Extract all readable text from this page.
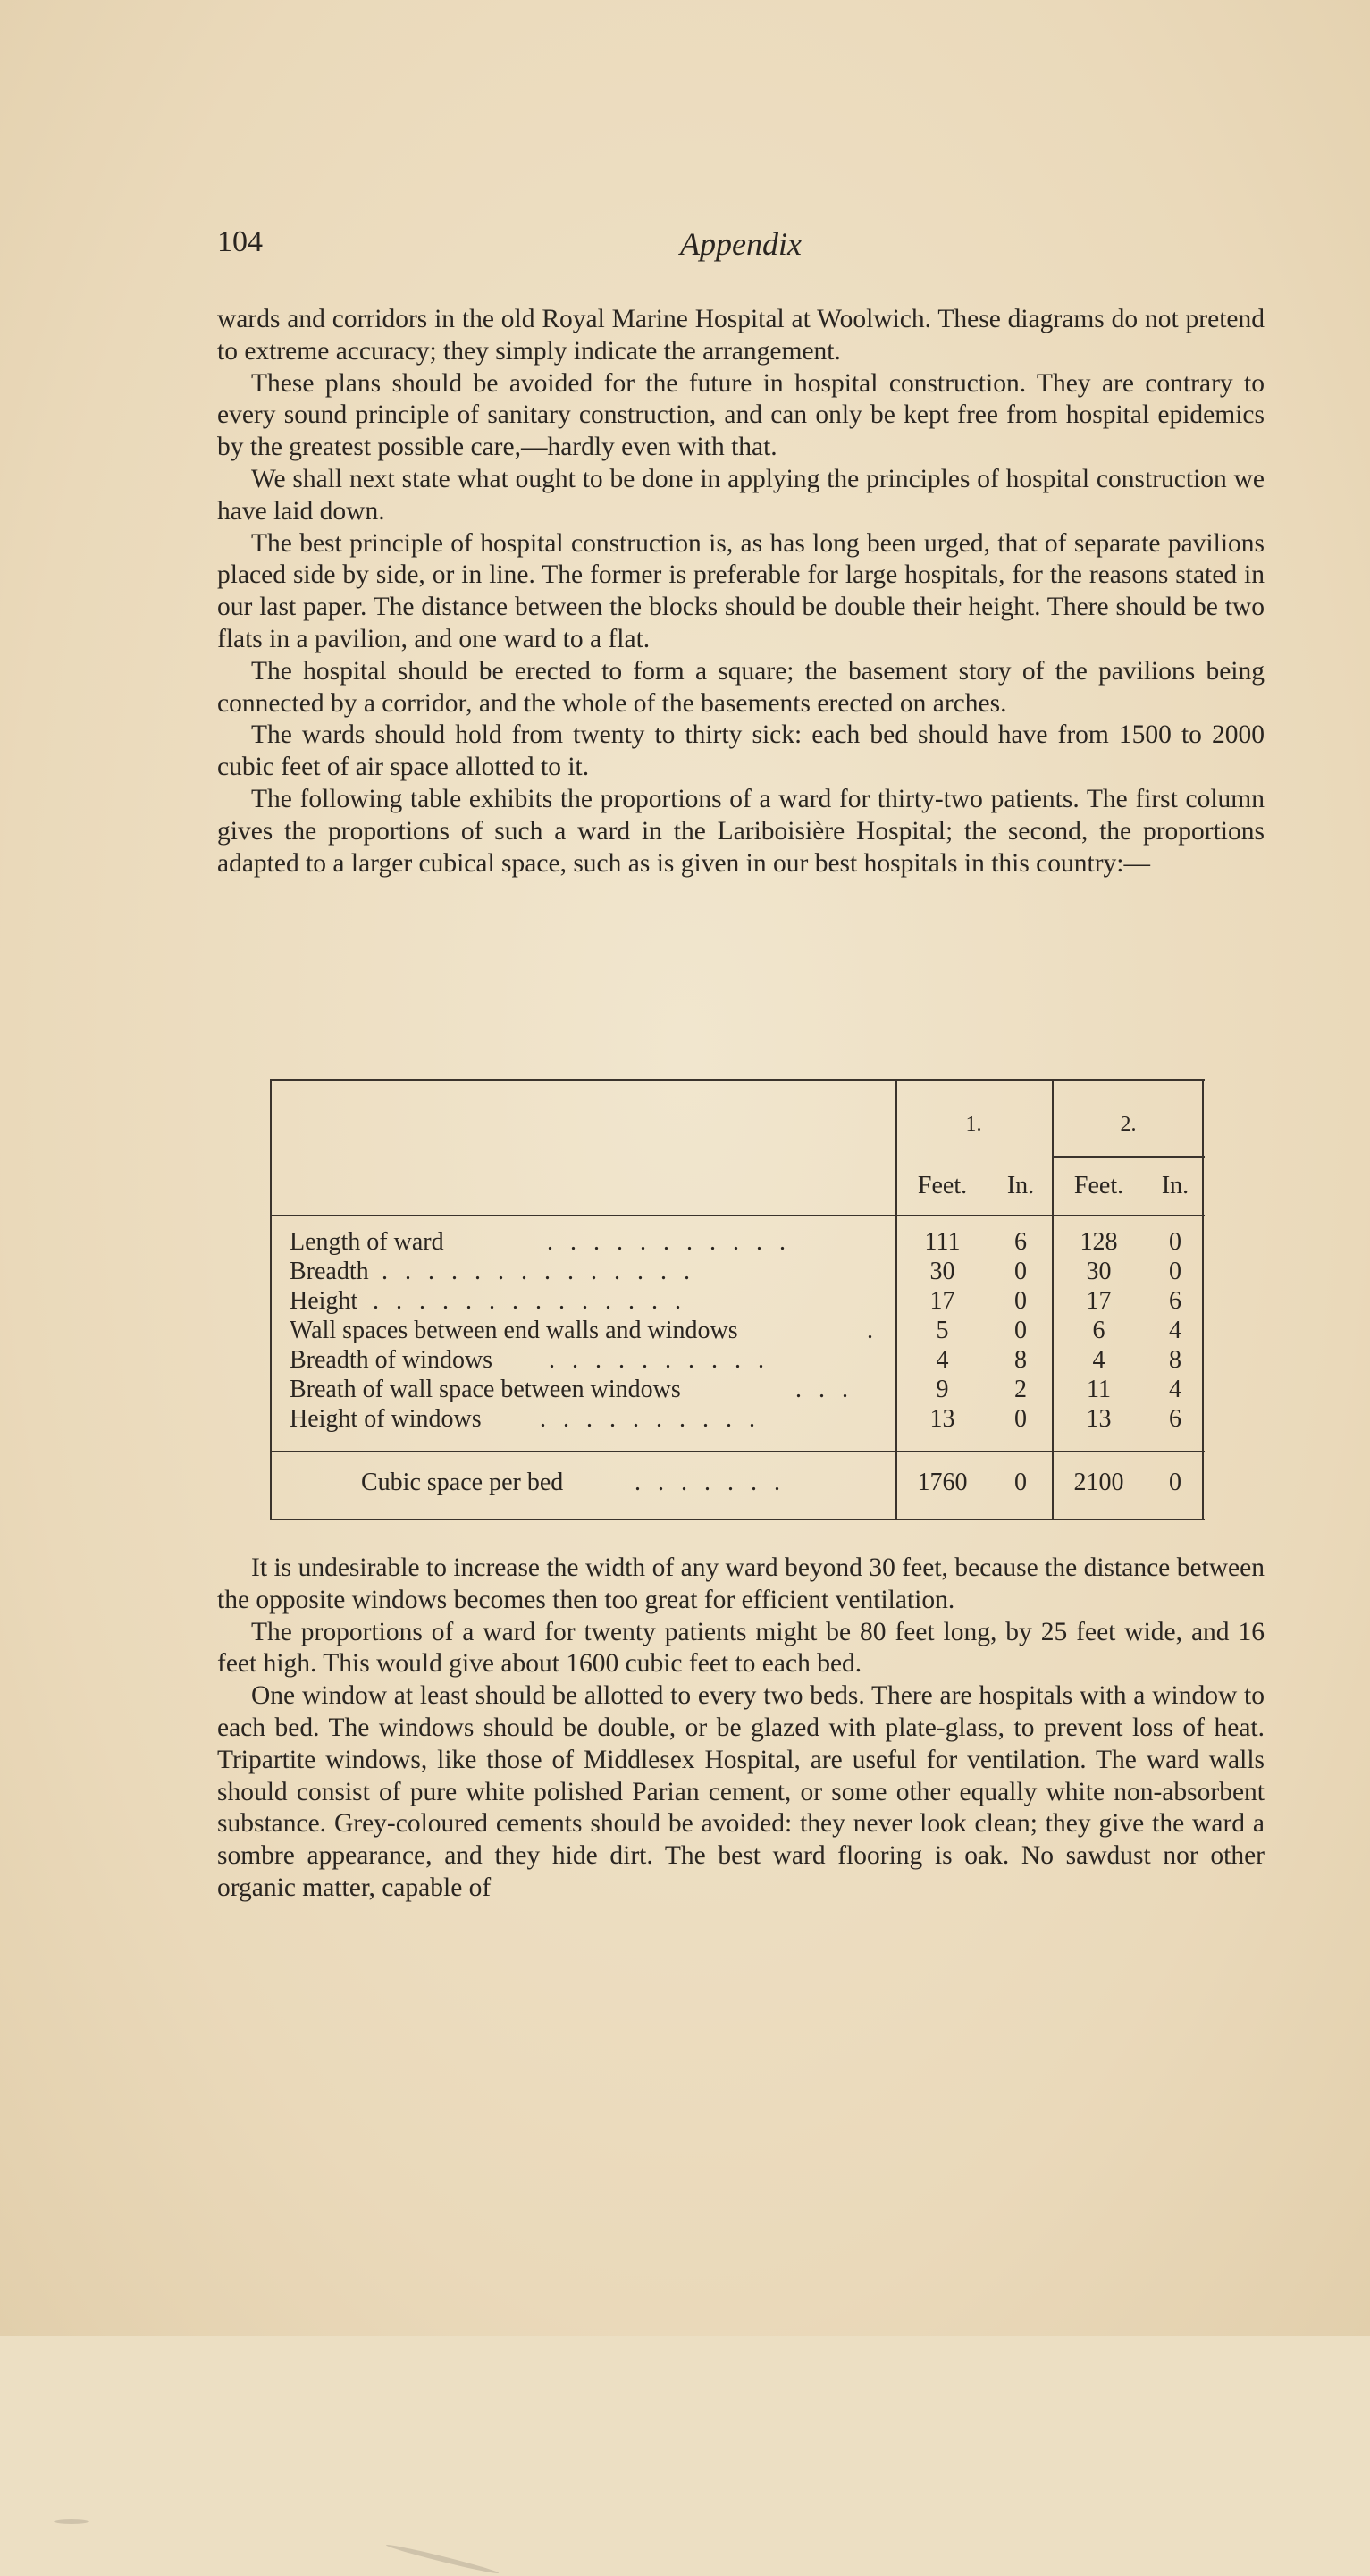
104	Appendix

wards and corridors in the old Royal Marine Hospital at Woolwich. These diagrams do not pretend to extreme accuracy; they simply indicate the arrangement.

These plans should be avoided for the future in hospital construction. They are contrary to every sound principle of sanitary construction, and can only be kept free from hospital epidemics by the greatest possible care,—hardly even with that.

We shall next state what ought to be done in applying the principles of hospital construction we have laid down.

The best principle of hospital construction is, as has long been urged, that of separate pavilions placed side by side, or in line. The former is preferable for large hospitals, for the reasons stated in our last paper. The distance between the blocks should be double their height. There should be two flats in a pavilion, and one ward to a flat.

The hospital should be erected to form a square; the basement story of the pavilions being connected by a corridor, and the whole of the basements erected on arches.

The wards should hold from twenty to thirty sick: each bed should have from 1500 to 2000 cubic feet of air space allotted to it.

The following table exhibits the proportions of a ward for thirty-two patients. The first column gives the proportions of such a ward in the Lariboisière Hospital; the second, the proportions adapted to a larger cubical space, such as is given in our best hospitals in this country:—

1.	2.
Feet.	In.	Feet.	In.
Length of ward	. . . . . . . . . . .	111	6	128	0
Breadth . . . . . . . . . . . . . .	30	0	30	0
Height . . . . . . . . . . . . . .	17	0	17	6
Wall spaces between end walls and windows	.	5	0	6	4
Breadth of windows . . . . . . . . . .	4	8	4	8
Breath of wall space between windows	. . .	9	2	11	4
Height of windows . . . . . . . . . .	13	0	13	6
Cubic space per bed	. . . . . . .	1760	0	2100	0

It is undesirable to increase the width of any ward beyond 30 feet, because the distance between the opposite windows becomes then too great for efficient ventilation.

The proportions of a ward for twenty patients might be 80 feet long, by 25 feet wide, and 16 feet high. This would give about 1600 cubic feet to each bed.

One window at least should be allotted to every two beds. There are hospitals with a window to each bed. The windows should be double, or be glazed with plate-glass, to prevent loss of heat. Tripartite windows, like those of Middlesex Hospital, are useful for ventilation. The ward walls should consist of pure white polished Parian cement, or some other equally white non-absorbent substance. Grey-coloured cements should be avoided: they never look clean; they give the ward a sombre appearance, and they hide dirt. The best ward flooring is oak. No sawdust nor other organic matter, capable of
